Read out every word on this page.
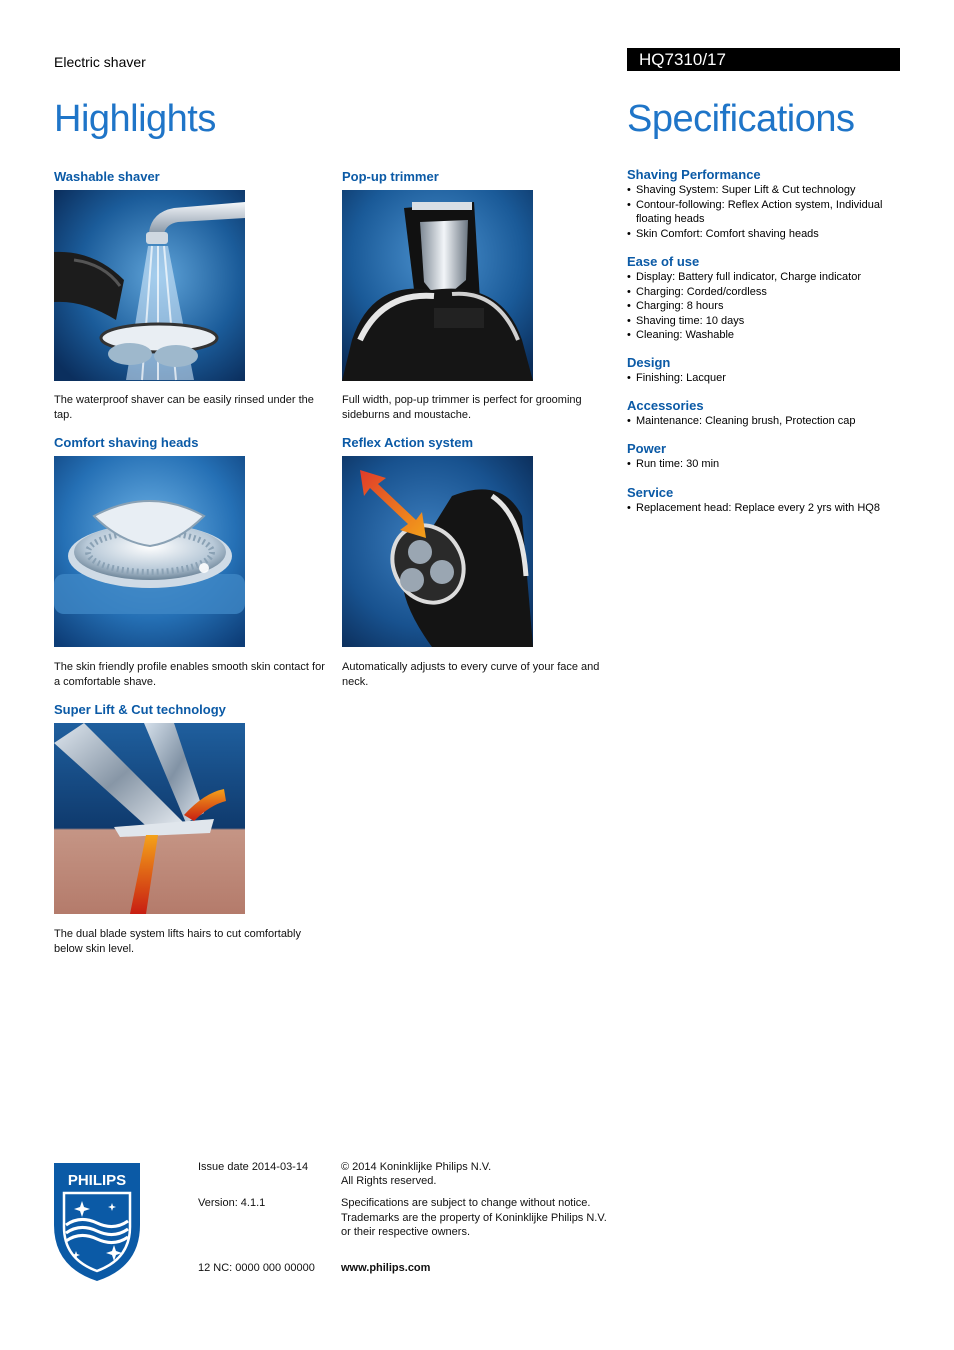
Electric shaver	HQ7310/17
Highlights	Specifications
Washable shaver
The waterproof shaver can be easily rinsed under the tap.
Pop-up trimmer
Full width, pop-up trimmer is perfect for grooming sideburns and moustache.
Comfort shaving heads
The skin friendly profile enables smooth skin contact for a comfortable shave.
Reflex Action system
Automatically adjusts to every curve of your face and neck.
Super Lift & Cut technology
The dual blade system lifts hairs to cut comfortably below skin level.
Shaving Performance
• Shaving System: Super Lift & Cut technology
• Contour-following: Reflex Action system, Individual floating heads
• Skin Comfort: Comfort shaving heads
Ease of use
• Display: Battery full indicator, Charge indicator
• Charging: Corded/cordless
• Charging: 8 hours
• Shaving time: 10 days
• Cleaning: Washable
Design
• Finishing: Lacquer
Accessories
• Maintenance: Cleaning brush, Protection cap
Power
• Run time: 30 min
Service
• Replacement head: Replace every 2 yrs with HQ8
PHILIPS
Issue date 2014-03-14
Version: 4.1.1
12 NC: 0000 000 00000
© 2014 Koninklijke Philips N.V.
All Rights reserved.
Specifications are subject to change without notice. Trademarks are the property of Koninklijke Philips N.V. or their respective owners.
www.philips.com
